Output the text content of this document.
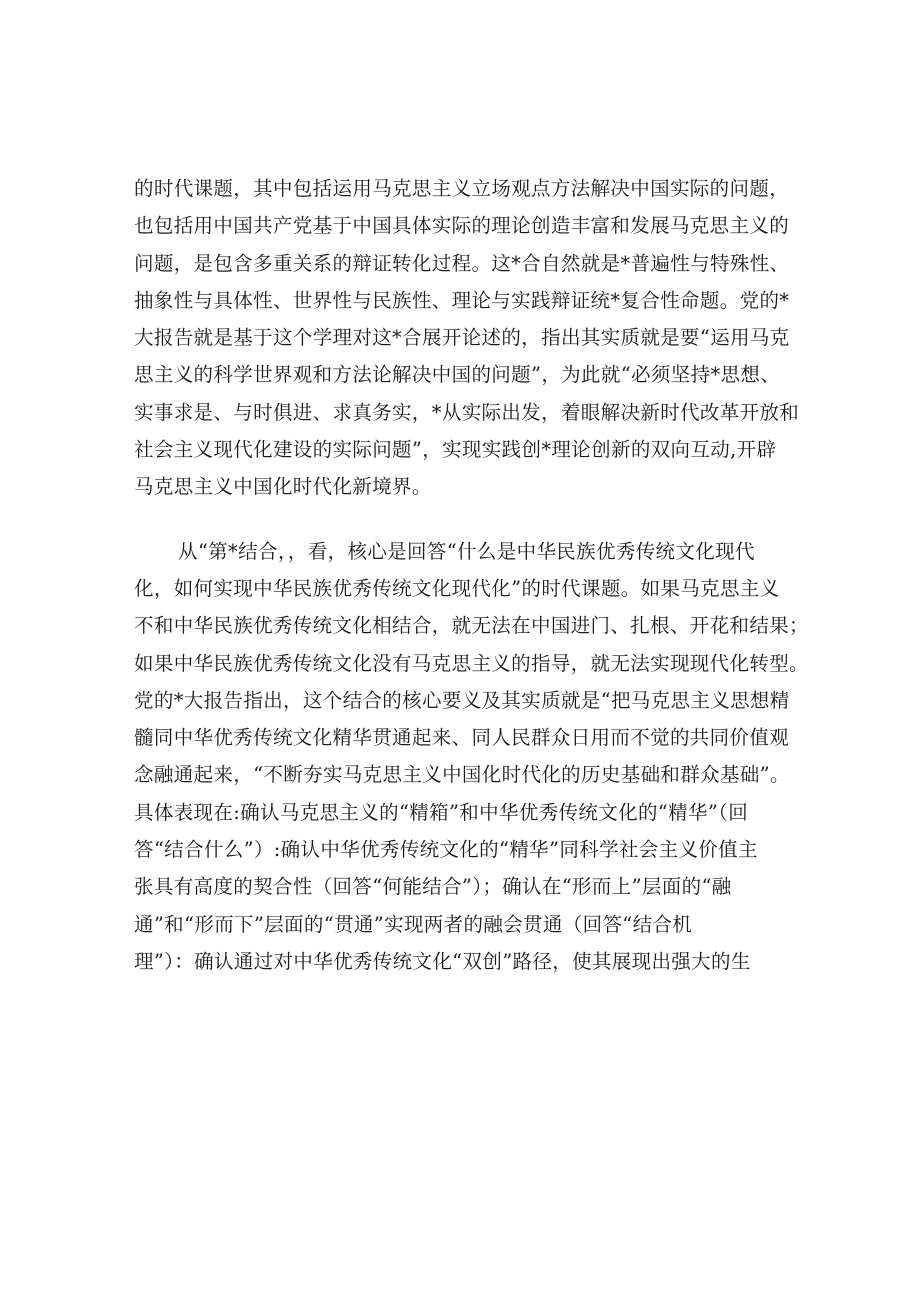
的时代课题，其中包括运用马克思主义立场观点方法解决中国实际的问题，
也包括用中国共产党基于中国具体实际的理论创造丰富和发展马克思主义的
问题，是包含多重关系的辩证转化过程。这*合自然就是*普遍性与特殊性、
抽象性与具体性、世界性与民族性、理论与实践辩证统*复合性命题。党的*
大报告就是基于这个学理对这*合展开论述的，指出其实质就是要“运用马克
思主义的科学世界观和方法论解决中国的问题”，为此就“必须坚持*思想、
实事求是、与时俱进、求真务实，*从实际出发，着眼解决新时代改革开放和
社会主义现代化建设的实际问题”，实现实践创*理论创新的双向互动,开辟
马克思主义中国化时代化新境界。
从“第*结合，，看，核心是回答“什么是中华民族优秀传统文化现代
化，如何实现中华民族优秀传统文化现代化”的时代课题。如果马克思主义
不和中华民族优秀传统文化相结合，就无法在中国进门、扎根、开花和结果；
如果中华民族优秀传统文化没有马克思主义的指导，就无法实现现代化转型。
党的*大报告指出，这个结合的核心要义及其实质就是“把马克思主义思想精
髓同中华优秀传统文化精华贯通起来、同人民群众日用而不觉的共同价值观
念融通起来，“不断夯实马克思主义中国化时代化的历史基础和群众基础”。
具体表现在:确认马克思主义的“精箱”和中华优秀传统文化的“精华”（回
答“结合什么”）:确认中华优秀传统文化的“精华”同科学社会主义价值主
张具有高度的契合性（回答“何能结合”）；确认在“形而上”层面的“融
通”和“形而下”层面的“贯通”实现两者的融会贯通（回答“结合机
理”）：确认通过对中华优秀传统文化“双创”路径，使其展现出强大的生
